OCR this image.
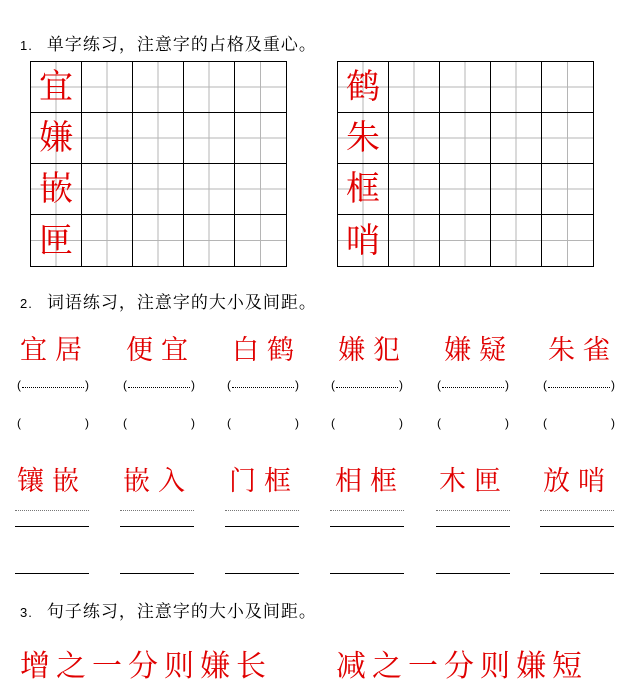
1. 单字练习，注意字的占格及重心。
宜
嫌
嵌
匣
鹤
朱
框
哨
2. 词语练习，注意字的大小及间距。
宜居 便宜 白鹤 嫌犯 嫌疑 朱雀
(	)	(	)	(	)	(	)	(	)	(	)
(	)	(	)	(	)	(	)	(	)	(	)
镶嵌 嵌入 门框 相框 木匣 放哨
3. 句子练习，注意字的大小及间距。
增之一分则嫌长 减之一分则嫌短
